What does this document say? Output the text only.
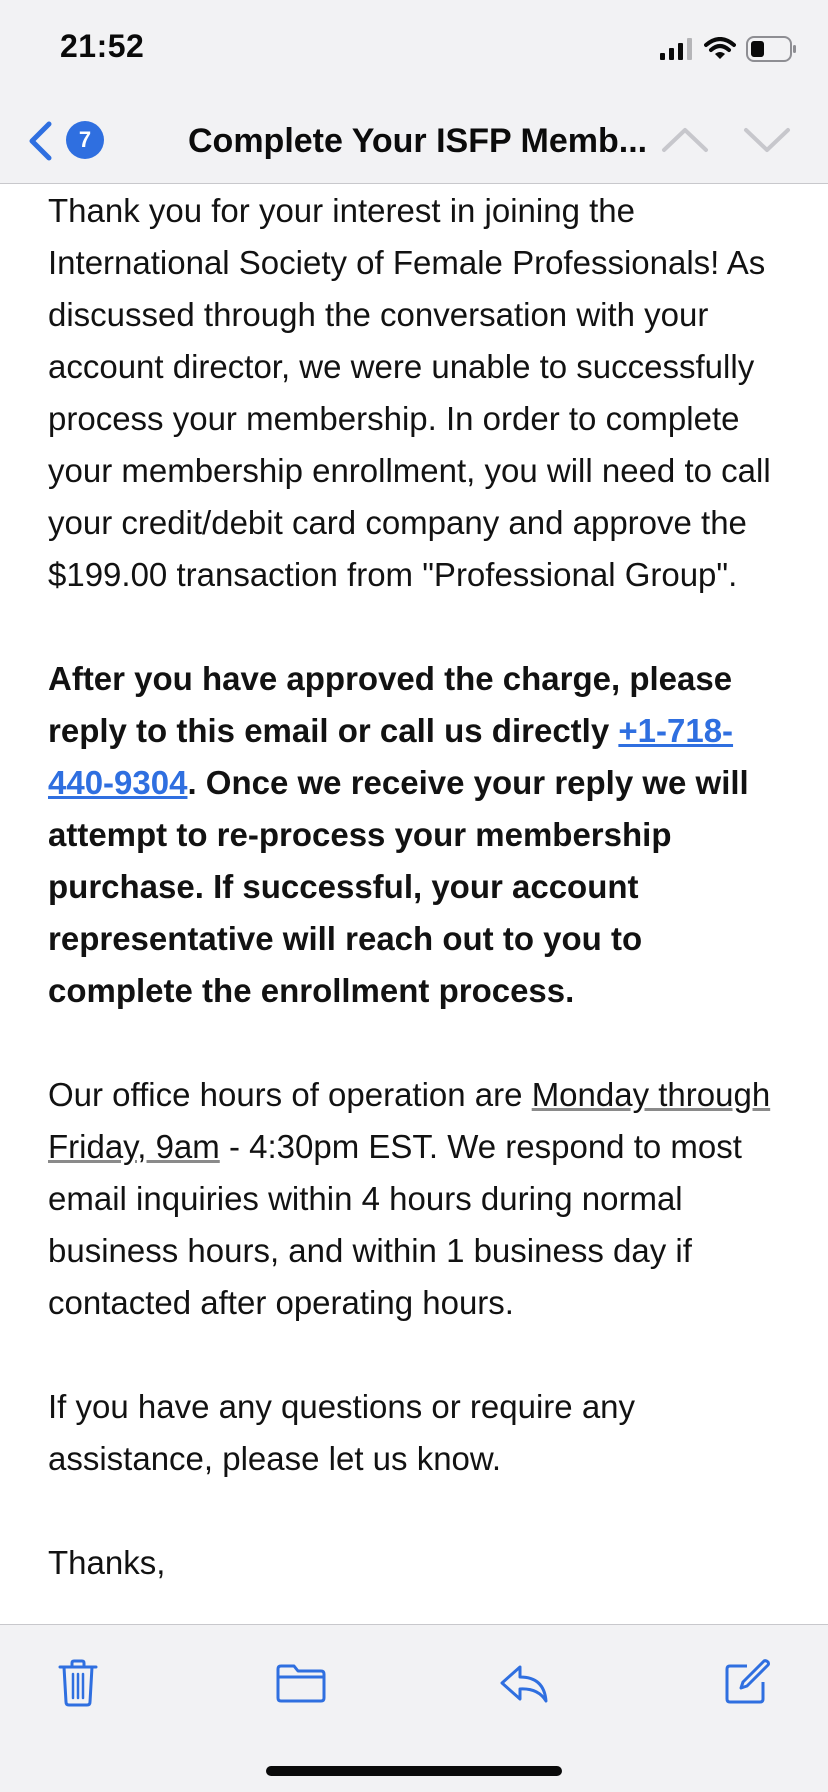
21:52
7	Complete Your ISFP Memb...

Thank you for your interest in joining the International Society of Female Professionals! As discussed through the conversation with your account director, we were unable to successfully process your membership. In order to complete your membership enrollment, you will need to call your credit/debit card company and approve the $199.00 transaction from "Professional Group".

After you have approved the charge, please reply to this email or call us directly +1-718-440-9304. Once we receive your reply we will attempt to re-process your membership purchase. If successful, your account representative will reach out to you to complete the enrollment process.

Our office hours of operation are Monday through Friday, 9am - 4:30pm EST. We respond to most email inquiries within 4 hours during normal business hours, and within 1 business day if contacted after operating hours.

If you have any questions or require any assistance, please let us know.

Thanks,
